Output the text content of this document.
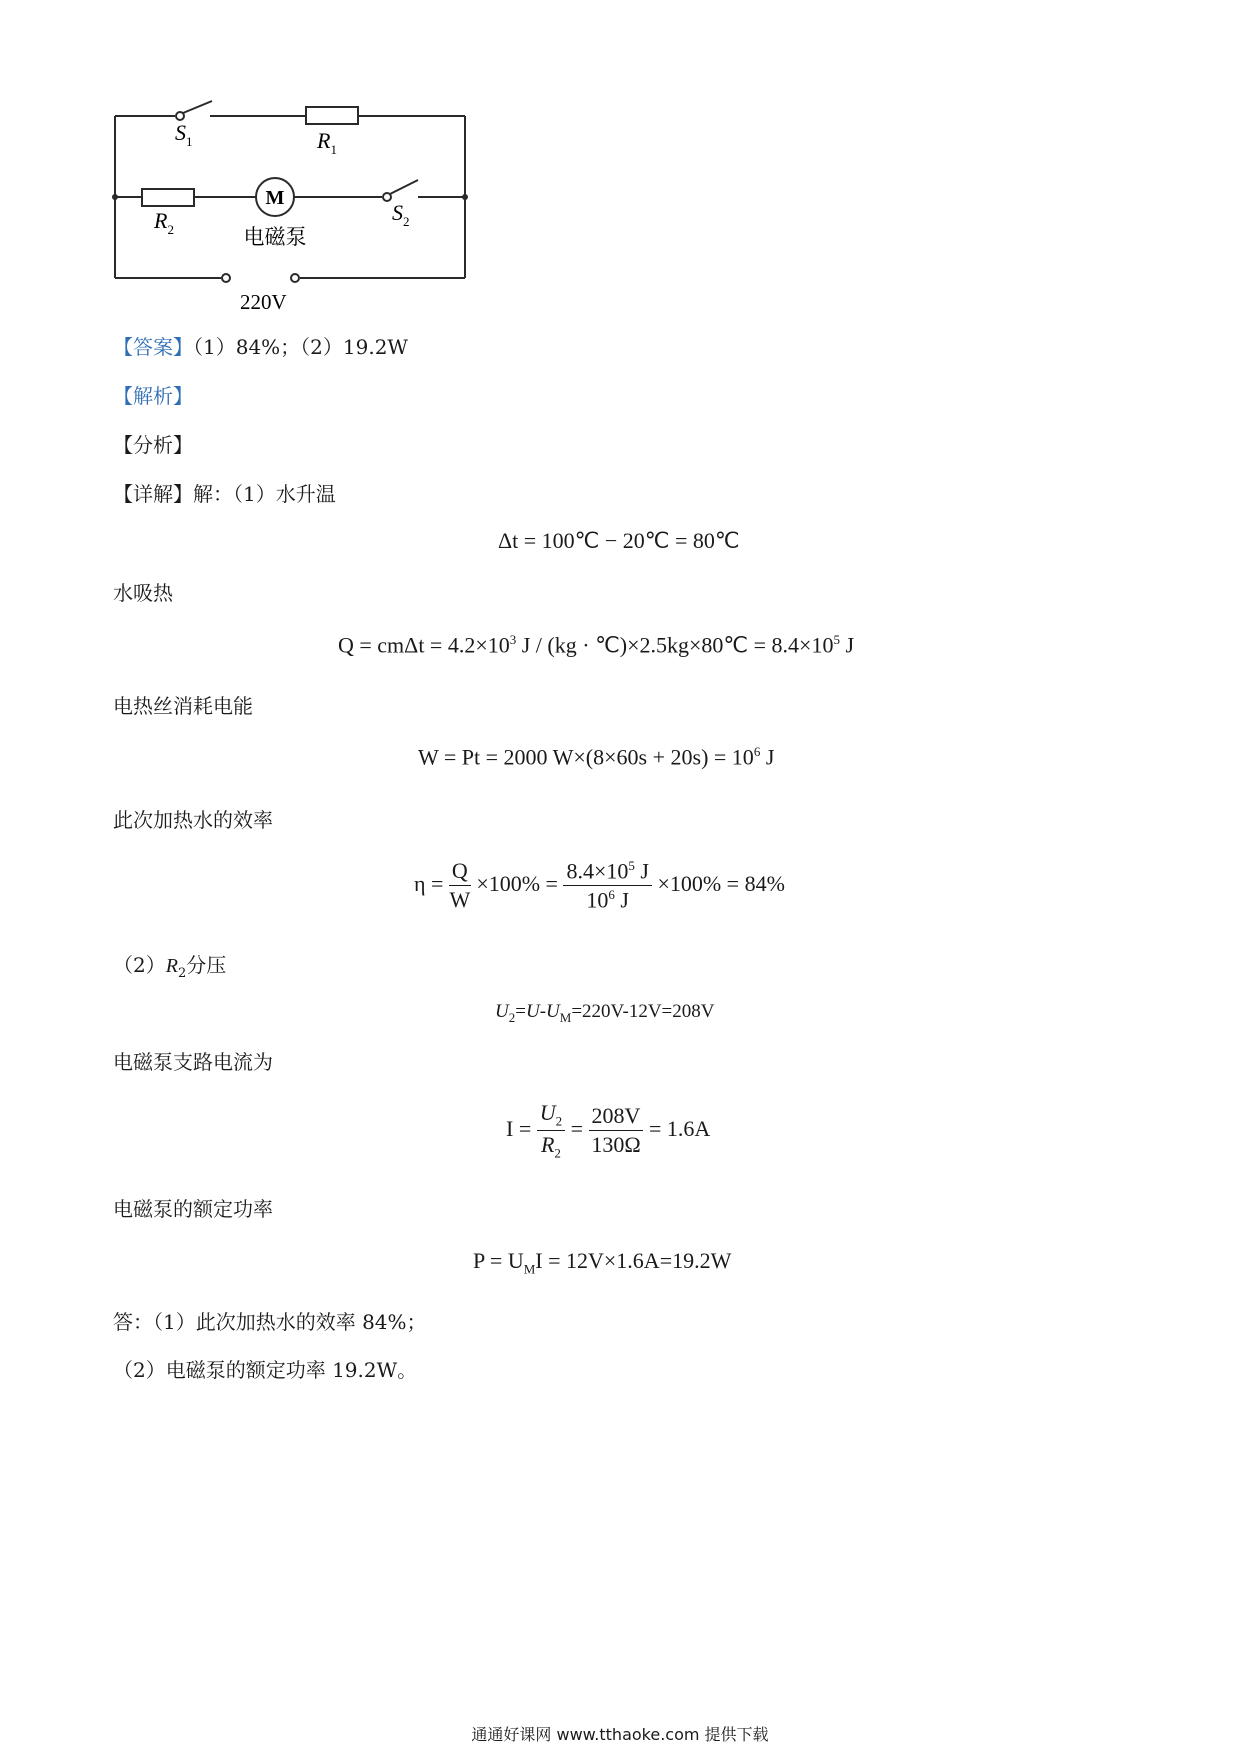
$S_1$	$R_1$
$R_2$
M
电磁泵
$S_2$
220V
【答案】（1）84%；（2）19.2W
【解析】
【分析】
【详解】解：（1）水升温
Δt = 100℃ − 20℃ = 80℃
水吸热
$Q = cm\Delta t = 4.2\times 10^3$ J / (kg · ℃)×2.5kg×80℃ = $8.4\times 10^5$ J
电热丝消耗电能
W = Pt = 2000 $W\times(8\times 60s + 20s) = 10^6$ J
此次加热水的效率
$\eta = \frac{Q}{W} \times 100\% = \frac{8.4\times 10^5 J}{10^6 J} \times 100\% = 84\%$
$(2)R_2$分压
$U_2=U-U_M=220V-12V=208V$
电磁泵支路电流为
$I = \frac{U_2}{R_2} = \frac{208V}{130\Omega} = 1.6A$
电磁泵的额定功率
$P = U_MI = 12V\times 1.6A=19.2W$
答：（1）此次加热水的效率 84%；
（2）电磁泵的额定功率 19.2W。
通通好课网 www.tthaoke.com 提供下载
